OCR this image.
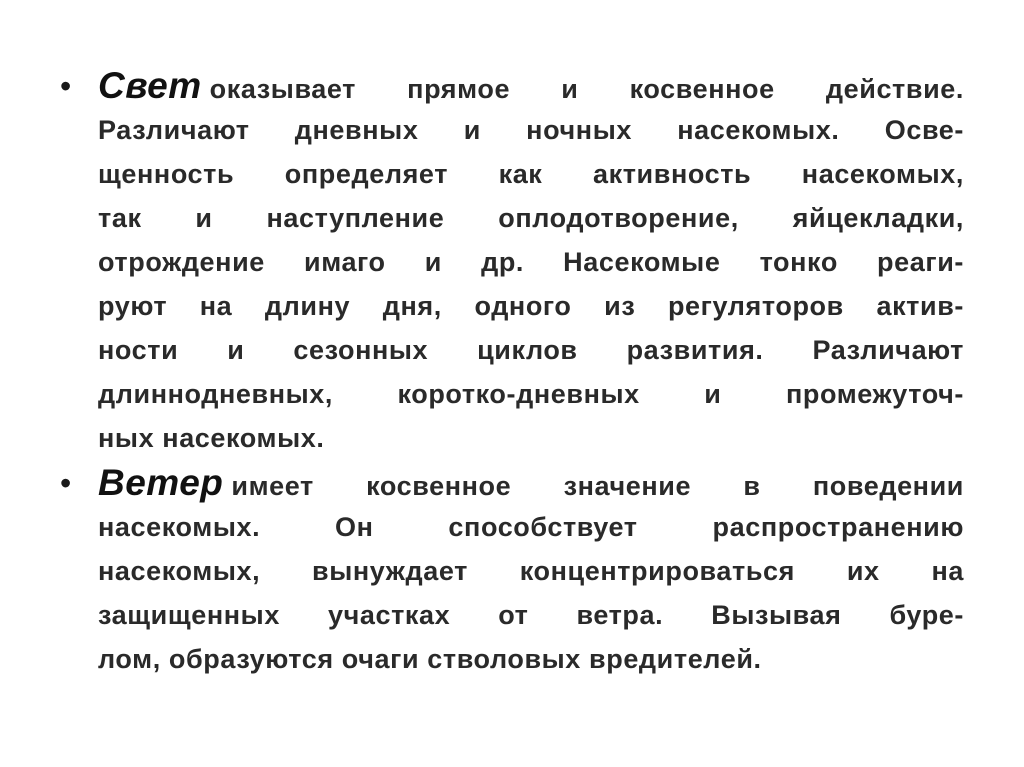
• Свет оказывает прямое и косвенное действие.
Различают дневных и ночных насекомых. Осве-
щенность определяет как активность насекомых,
так и наступление оплодотворение, яйцекладки,
отрождение имаго и др. Насекомые тонко реаги-
руют на длину дня, одного из регуляторов актив-
ности и сезонных циклов развития. Различают
длиннодневных, коротко-дневных и промежуточ-
ных насекомых.
• Ветер имеет косвенное значение в поведении
насекомых. Он способствует распространению
насекомых, вынуждает концентрироваться их на
защищенных участках от ветра. Вызывая буре-
лом, образуются очаги стволовых вредителей.
